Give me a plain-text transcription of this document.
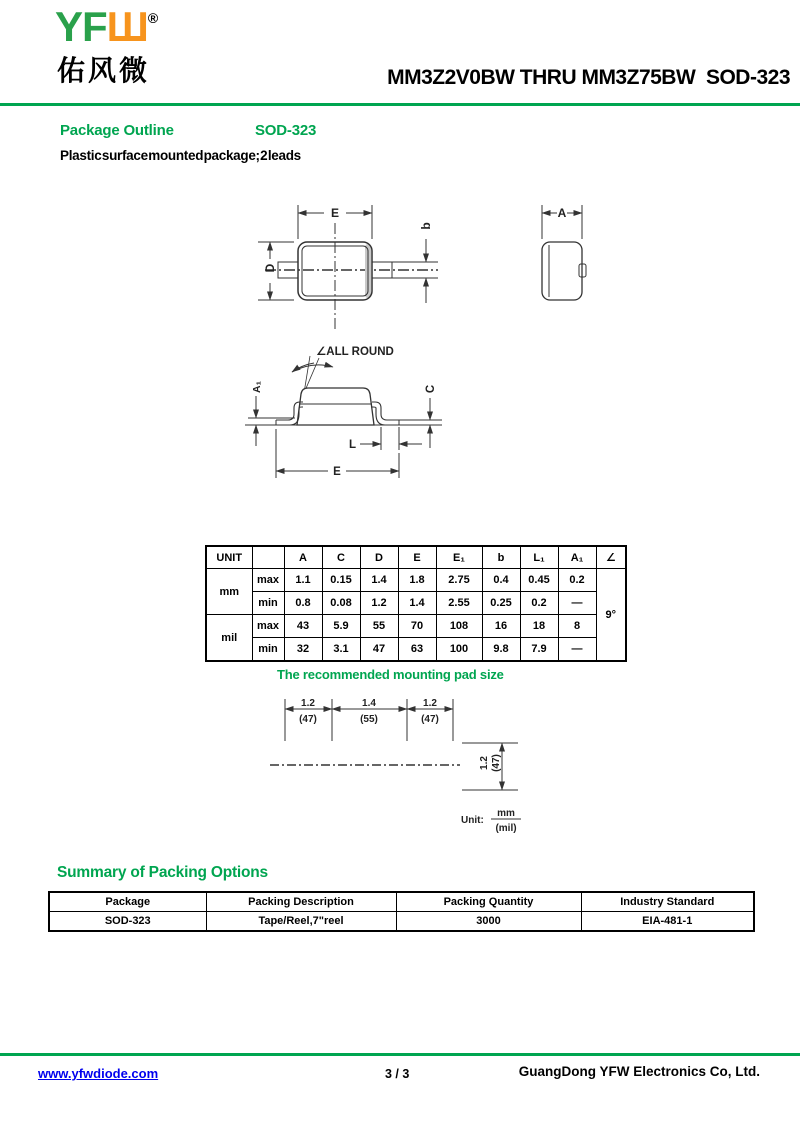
YFШ®
佑风微	MM3Z2V0BW THRU MM3Z75BW  SOD-323
Package Outline	SOD-323
Plastic surface mounted package; 2 leads
E
D
b
A
∠ALL ROUND
A₁	C
L
E
UNIT		A	C	D	E	E₁	b	L₁	A₁	∠
mm	max	1.1	0.15	1.4	1.8	2.75	0.4	0.45	0.2	9°
	min	0.8	0.08	1.2	1.4	2.55	0.25	0.2	—	
mil	max	43	5.9	55	70	108	16	18	8	
	min	32	3.1	47	63	100	9.8	7.9	—	
The recommended mounting pad size
1.2
(47)
1.4
(55)
1.2
(47)
1.2 (47)
Unit:
mm
(mil)
Summary of Packing Options
Package	Packing Description	Packing Quantity	Industry Standard
SOD-323	Tape/Reel,7"reel	3000	EIA-481-1
www.yfwdiode.com	3 / 3	GuangDong YFW Electronics Co, Ltd.
